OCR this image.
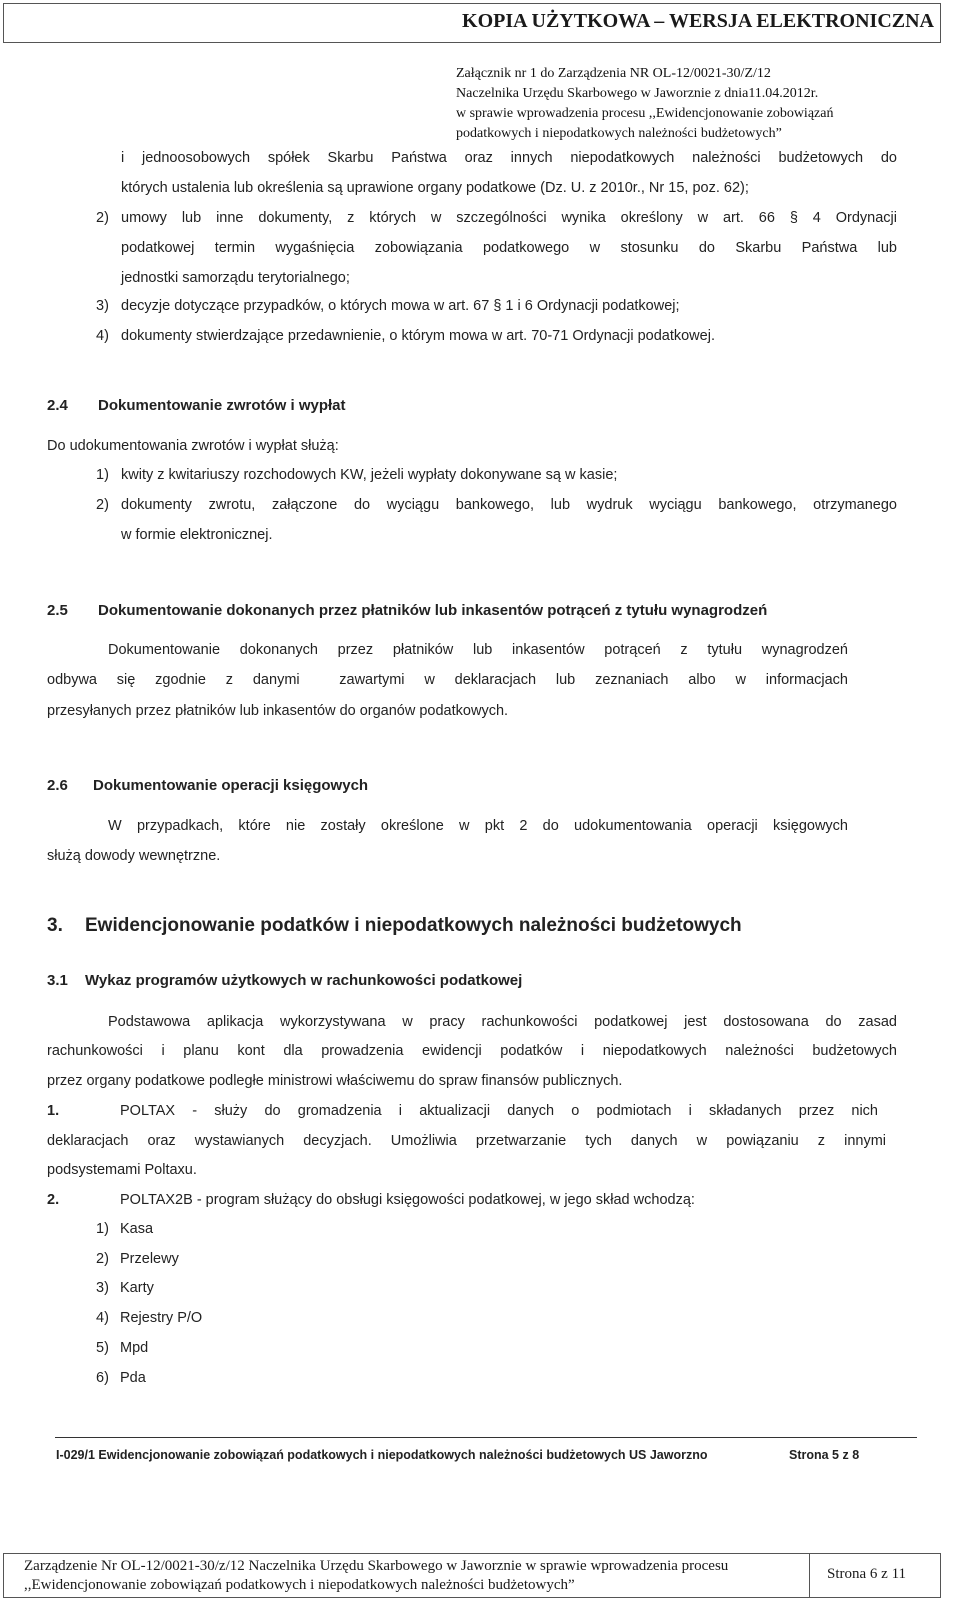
KOPIA UŻYTKOWA – WERSJA ELEKTRONICZNA
Załącznik nr 1 do Zarządzenia NR OL-12/0021-30/Z/12
Naczelnika Urzędu Skarbowego w Jaworznie z dnia11.04.2012r.
w sprawie wprowadzenia procesu ,,Ewidencjonowanie zobowiązań
podatkowych i niepodatkowych należności budżetowych”
i jednoosobowych spółek Skarbu Państwa oraz innych niepodatkowych należności budżetowych do
których ustalenia lub określenia są uprawione organy podatkowe (Dz. U. z 2010r., Nr 15, poz. 62);
2) umowy lub inne dokumenty, z których w szczególności wynika określony w art. 66 § 4 Ordynacji
podatkowej termin wygaśnięcia zobowiązania podatkowego w stosunku do Skarbu Państwa lub
jednostki samorządu terytorialnego;
3) decyzje dotyczące przypadków, o których mowa w art. 67 § 1 i 6 Ordynacji podatkowej;
4) dokumenty stwierdzające przedawnienie, o którym mowa w art. 70-71 Ordynacji podatkowej.
2.4 Dokumentowanie zwrotów i wypłat
Do udokumentowania zwrotów i wypłat służą:
1) kwity z kwitariuszy rozchodowych KW, jeżeli wypłaty dokonywane są w kasie;
2) dokumenty zwrotu, załączone do wyciągu bankowego, lub wydruk wyciągu bankowego, otrzymanego
w formie elektronicznej.
2.5 Dokumentowanie dokonanych przez płatników lub inkasentów potrąceń z tytułu wynagrodzeń
Dokumentowanie dokonanych przez płatników lub inkasentów potrąceń z tytułu wynagrodzeń
odbywa  się  zgodnie  z  danymi    zawartymi  w  deklaracjach  lub  zeznaniach  albo  w  informacjach
przesyłanych przez płatników lub inkasentów do organów podatkowych.
2.6 Dokumentowanie operacji księgowych
W przypadkach, które nie zostały określone w pkt 2 do udokumentowania operacji księgowych
służą dowody wewnętrzne.
3. Ewidencjonowanie podatków i niepodatkowych należności budżetowych
3.1 Wykaz programów użytkowych w rachunkowości podatkowej
Podstawowa aplikacja wykorzystywana w pracy rachunkowości podatkowej jest dostosowana do zasad
rachunkowości i planu kont dla prowadzenia ewidencji podatków i niepodatkowych należności budżetowych
przez organy podatkowe podległe ministrowi właściwemu do spraw finansów publicznych.
1.	POLTAX - służy do gromadzenia i aktualizacji danych o podmiotach i składanych przez nich
deklaracjach oraz wystawianych decyzjach. Umożliwia przetwarzanie tych danych w powiązaniu z innymi
podsystemami Poltaxu.
2.	POLTAX2B - program służący do obsługi księgowości podatkowej, w jego skład wchodzą:
1) Kasa
2) Przelewy
3) Karty
4) Rejestry P/O
5) Mpd
6) Pda
I-029/1 Ewidencjonowanie zobowiązań podatkowych i niepodatkowych należności budżetowych US Jaworzno	Strona 5 z 8
Zarządzenie Nr OL-12/0021-30/z/12 Naczelnika Urzędu Skarbowego w Jaworznie w sprawie wprowadzenia procesu
,,Ewidencjonowanie zobowiązań podatkowych i niepodatkowych należności budżetowych”
Strona 6 z 11
